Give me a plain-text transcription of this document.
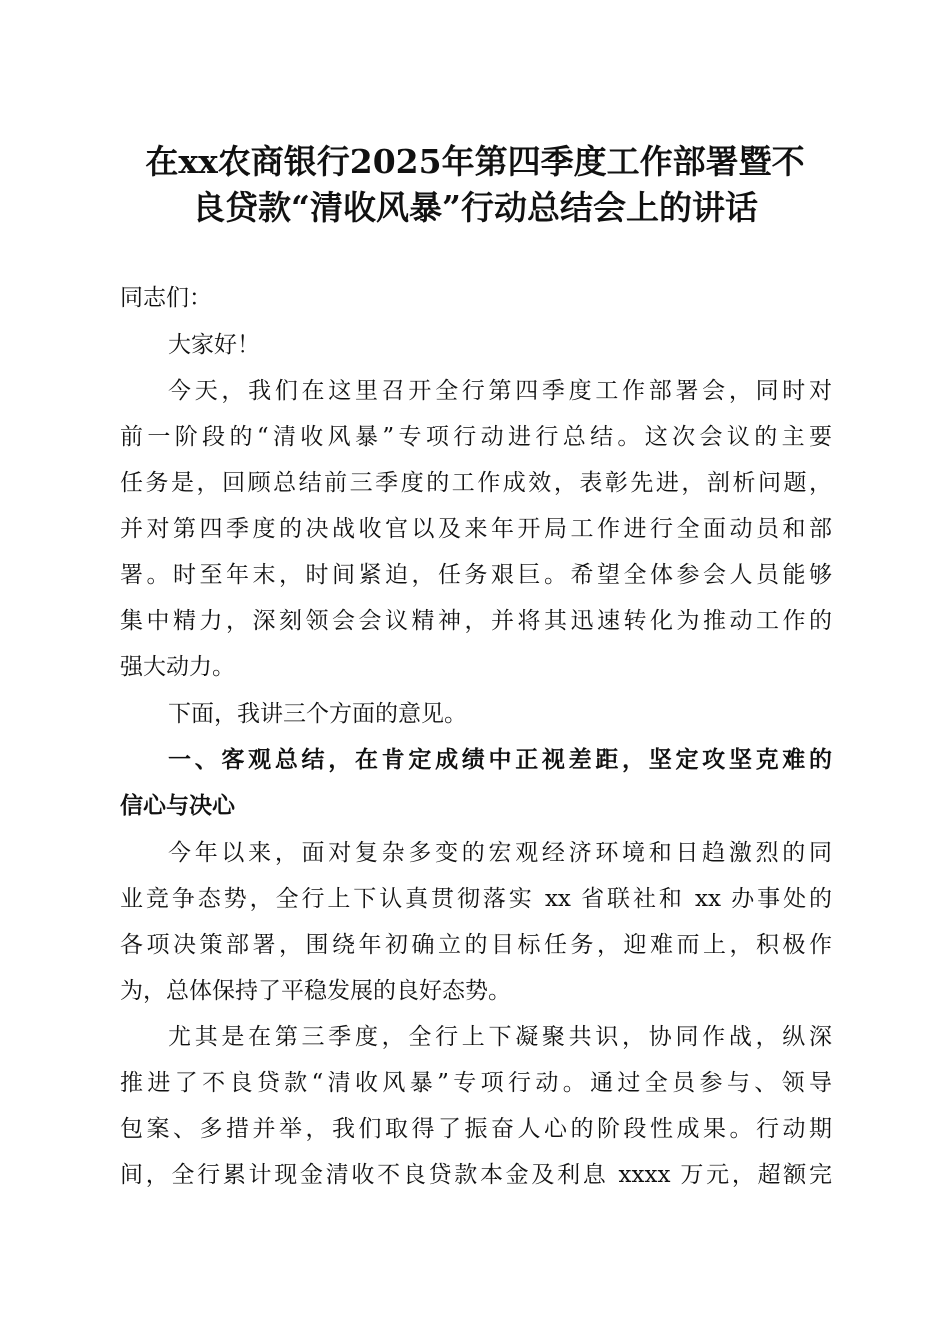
在xx农商银行2025年第四季度工作部署暨不
良贷款“清收风暴”行动总结会上的讲话
同志们：
大家好！
今天，我们在这里召开全行第四季度工作部署会，同时对
前一阶段的“清收风暴”专项行动进行总结。这次会议的主要
任务是，回顾总结前三季度的工作成效，表彰先进，剖析问题，
并对第四季度的决战收官以及来年开局工作进行全面动员和部
署。时至年末，时间紧迫，任务艰巨。希望全体参会人员能够
集中精力，深刻领会会议精神，并将其迅速转化为推动工作的
强大动力。
下面，我讲三个方面的意见。
一、客观总结，在肯定成绩中正视差距，坚定攻坚克难的
信心与决心
今年以来，面对复杂多变的宏观经济环境和日趋激烈的同
业竞争态势，全行上下认真贯彻落实 xx 省联社和 xx 办事处的
各项决策部署，围绕年初确立的目标任务，迎难而上，积极作
为，总体保持了平稳发展的良好态势。
尤其是在第三季度，全行上下凝聚共识，协同作战，纵深
推进了不良贷款“清收风暴”专项行动。通过全员参与、领导
包案、多措并举，我们取得了振奋人心的阶段性成果。行动期
间，全行累计现金清收不良贷款本金及利息 xxxx 万元，超额完
